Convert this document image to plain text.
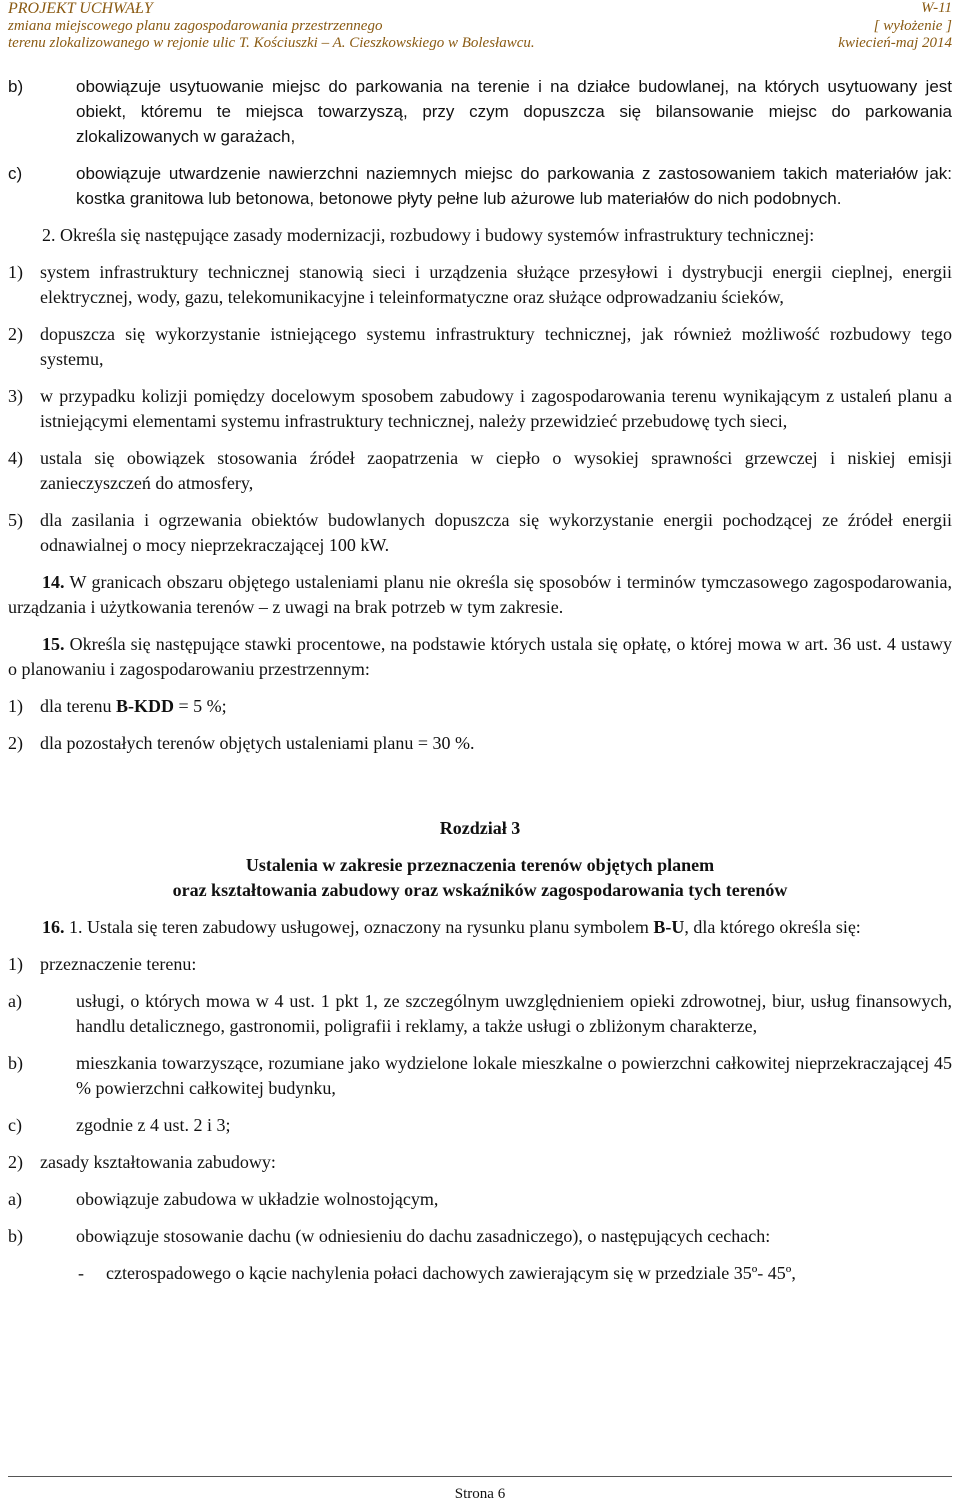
PROJEKT UCHWAŁY	W-11
zmiana miejscowego planu zagospodarowania przestrzennego	[ wyłożenie ]
terenu zlokalizowanego w rejonie ulic T. Kościuszki – A. Cieszkowskiego w Bolesławcu.	kwiecień-maj 2014
b)	obowiązuje usytuowanie miejsc do parkowania na terenie i na działce budowlanej, na których usytuowany jest obiekt, któremu te miejsca towarzyszą, przy czym dopuszcza się bilansowanie miejsc do parkowania zlokalizowanych w garażach,
c)	obowiązuje utwardzenie nawierzchni naziemnych miejsc do parkowania z zastosowaniem takich materiałów jak: kostka granitowa lub betonowa, betonowe płyty pełne lub ażurowe lub materiałów do nich podobnych.

2. Określa się następujące zasady modernizacji, rozbudowy i budowy systemów infrastruktury technicznej:

1) system infrastruktury technicznej stanowią sieci i urządzenia służące przesyłowi i dystrybucji energii cieplnej, energii elektrycznej, wody, gazu, telekomunikacyjne i teleinformatyczne oraz służące odprowadzaniu ścieków,
2) dopuszcza się wykorzystanie istniejącego systemu infrastruktury technicznej, jak również możliwość rozbudowy tego systemu,
3) w przypadku kolizji pomiędzy docelowym sposobem zabudowy i zagospodarowania terenu wynikającym z ustaleń planu a istniejącymi elementami systemu infrastruktury technicznej, należy przewidzieć przebudowę tych sieci,
4) ustala się obowiązek stosowania źródeł zaopatrzenia w ciepło o wysokiej sprawności grzewczej i niskiej emisji zanieczyszczeń do atmosfery,
5) dla zasilania i ogrzewania obiektów budowlanych dopuszcza się wykorzystanie energii pochodzącej ze źródeł energii odnawialnej o mocy nieprzekraczającej 100 kW.

14. W granicach obszaru objętego ustaleniami planu nie określa się sposobów i terminów tymczasowego zagospodarowania, urządzania i użytkowania terenów – z uwagi na brak potrzeb w tym zakresie.

15. Określa się następujące stawki procentowe, na podstawie których ustala się opłatę, o której mowa w art. 36 ust. 4 ustawy o planowaniu i zagospodarowaniu przestrzennym:

1) dla terenu B-KDD = 5 %;
2) dla pozostałych terenów objętych ustaleniami planu = 30 %.

Rozdział 3

Ustalenia w zakresie przeznaczenia terenów objętych planem

oraz kształtowania zabudowy oraz wskaźników zagospodarowania tych terenów

16. 1. Ustala się teren zabudowy usługowej, oznaczony na rysunku planu symbolem B-U, dla którego określa się:

1) przeznaczenie terenu:
a)	usługi, o których mowa w 4 ust. 1 pkt 1, ze szczególnym uwzględnieniem opieki zdrowotnej, biur, usług finansowych, handlu detalicznego, gastronomii, poligrafii i reklamy, a także usługi o zbliżonym charakterze,
b)	mieszkania towarzyszące, rozumiane jako wydzielone lokale mieszkalne o powierzchni całkowitej nieprzekraczającej 45 % powierzchni całkowitej budynku,
c)	zgodnie z 4 ust. 2 i 3;
2) zasady kształtowania zabudowy:
a)	obowiązuje zabudowa w układzie wolnostojącym,
b)	obowiązuje stosowanie dachu (w odniesieniu do dachu zasadniczego), o następujących cechach:
-	czterospadowego o kącie nachylenia połaci dachowych zawierającym się w przedziale 35º- 45º,
Strona 6
